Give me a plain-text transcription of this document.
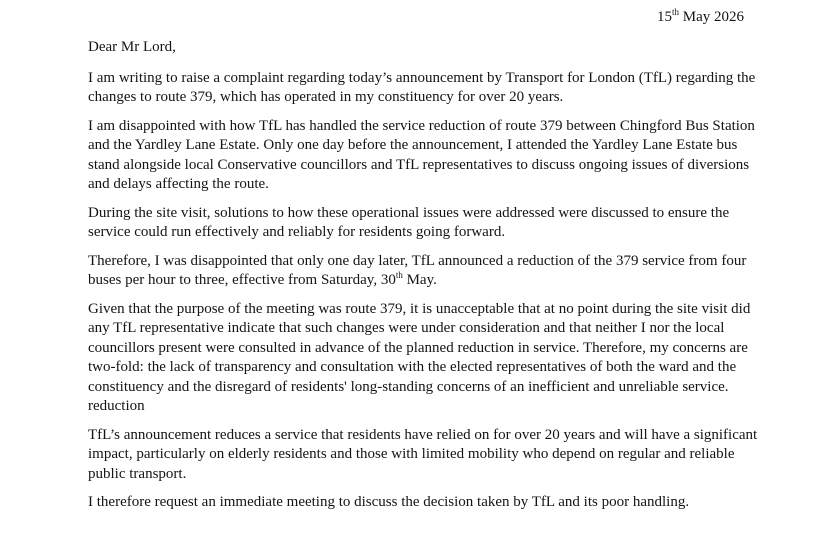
15th May 2026

Dear Mr Lord,

I am writing to raise a complaint regarding today’s announcement by Transport for London (TfL) regarding the changes to route 379, which has operated in my constituency for over 20 years.

I am disappointed with how TfL has handled the service reduction of route 379 between Chingford Bus Station and the Yardley Lane Estate. Only one day before the announcement, I attended the Yardley Lane Estate bus stand alongside local Conservative councillors and TfL representatives to discuss ongoing issues of diversions and delays affecting the route.

During the site visit, solutions to how these operational issues were addressed were discussed to ensure the service could run effectively and reliably for residents going forward.

Therefore, I was disappointed that only one day later, TfL announced a reduction of the 379 service from four buses per hour to three, effective from Saturday, 30th May.

Given that the purpose of the meeting was route 379, it is unacceptable that at no point during the site visit did any TfL representative indicate that such changes were under consideration and that neither I nor the local councillors present were consulted in advance of the planned reduction in service. Therefore, my concerns are two-fold: the lack of transparency and consultation with the elected representatives of both the ward and the constituency and the disregard of residents' long-standing concerns of an inefficient and unreliable service. reduction

TfL’s announcement reduces a service that residents have relied on for over 20 years and will have a significant impact, particularly on elderly residents and those with limited mobility who depend on regular and reliable public transport.

I therefore request an immediate meeting to discuss the decision taken by TfL and its poor handling.
